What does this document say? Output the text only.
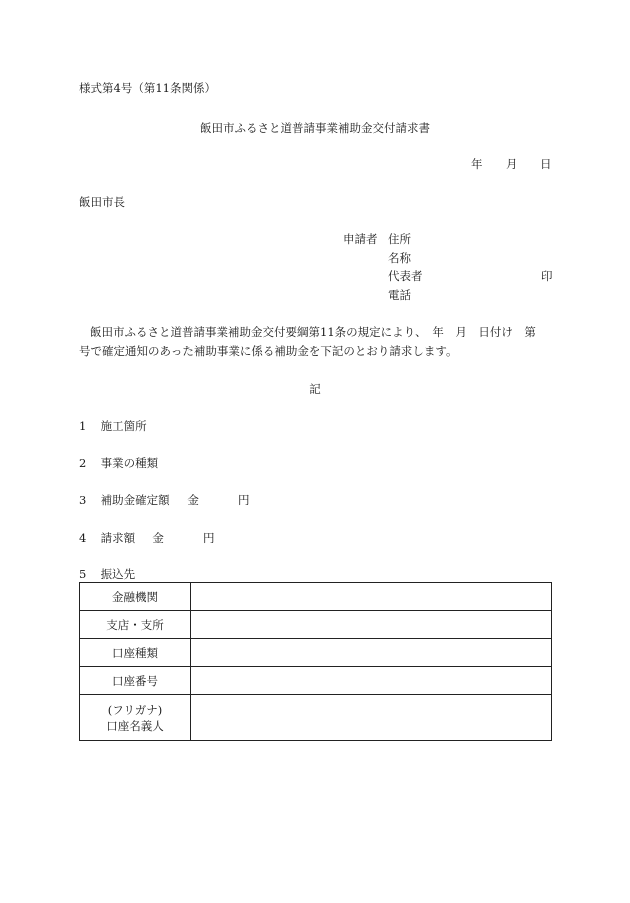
様式第4号（第11条関係）
飯田市ふるさと道普請事業補助金交付請求書
年 月 日
飯田市長
申請者 住所
名称
代表者	印
電話
飯田市ふるさと道普請事業補助金交付要綱第11条の規定により、　年　月　日付け　第
号で確定通知のあった補助事業に係る補助金を下記のとおり請求します。
記
1 施工箇所
2 事業の種類
3 補助金確定額 金	円
4 請求額 金	円
5 振込先
金融機関	
支店・支所	
口座種類	
口座番号	

(フリガナ)
口座名義人	
